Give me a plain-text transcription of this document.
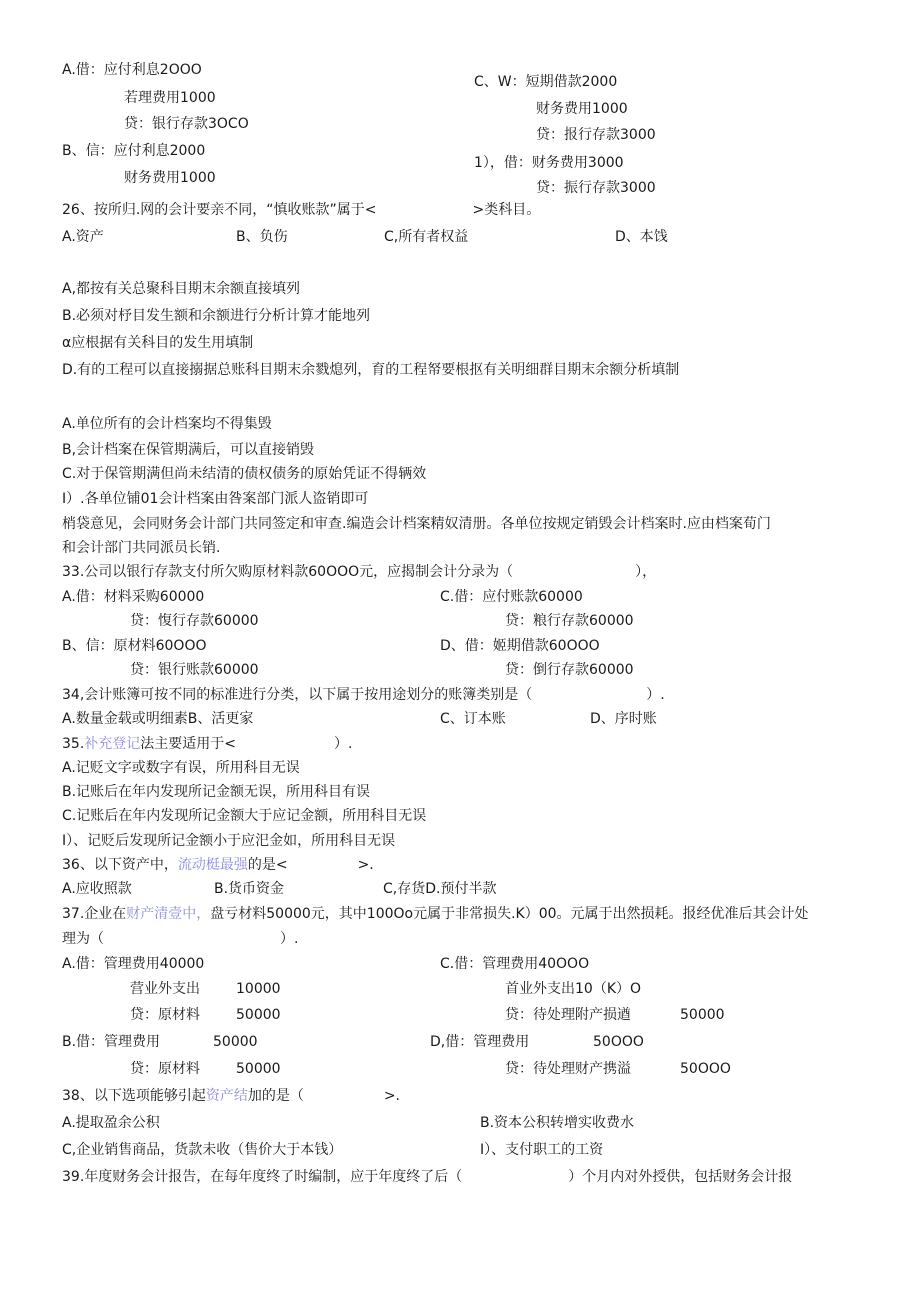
A.借：应付利息2OOO
若理费用1000
贷：银行存款3OCO
B、信：应付利息2000
财务费用1000
C、W：短期借款2000
财务费用1000
贷：报行存款3000
1），借：财务费用3000
贷：振行存款3000
26、按所归.网的会计要亲不同，“慎收账款”属于<	>类科目。
A.资产	B、负伤	C,所有者权益	D、本饯
A,都按有关总聚科目期末余额直接填列
B.必须对杼目发生额和余额进行分析计算才能地列
α应根据有关科目的发生用填制
D.有的工程可以直接搦据总账科目期末余戮熄列，育的工程帑要根抠有关明细群目期末余额分析填制
A.单位所有的会计档案均不得集毁
B,会计档案在保管期满后，可以直接销毁
C.对于保管期满但尚未结清的债权债务的原始凭证不得辆效
I）.各单位铺01会计档案由咎案部门派人盗销即可
梢袋意见，会同财务会计部门共同签定和审查.编造会计档案精奴清册。各单位按规定销毁会计档案时.应由档案荀门
和会计部门共同派员长销.
33.公司以银行存款支付所欠购原材料款60OOO元，应揭制会计分录为（	），
A.借：材料采购60000
贷：愎行存款60000
B、信：原材料60OOO
贷：银行账款60000
C.借：应付账款60000
贷：粮行存款60000
D、借：姬期借款60OOO
贷：倒行存款60000
34,会计账簿可按不同的标准进行分类，以下属于按用途划分的账簿类别是（	）.
A.数量金载或明细素B、活更家	C、订本账	D、序时账
35.补充登记法主要适用于<	）.
A.记贬文字或数字有误，所用科目无误
B.记账后在年内发现所记金额无误，所用科目有误
C.记账后在年内发现所记金额大于应记金额，所用科目无误
I）、记贬后发现所记金额小于应汜金如，所用科目无误
36、以下资产中，流动梃最强的是<	>.
A.应收照款	B.货币资金	C,存货D.预付半款
37.企业在财产清壹中，盘亏材料50000元，其中100Oo元属于非常损失.K）00。元属于出然损耗。报经优准后其会计处
理为（	）.
A.借：管理费用40000
营业外支出	10000
贷：原材料	50000
B.借：管理费用	50000
贷：原材料	50000
C.借：管理费用40OOO
首业外支出10（K）O
贷：待处理附产损遒	50000
D,借：管理费用	50OOO
贷：待处理财产携溢	50OOO
38、以下选项能够引起资产结加的是（	>.
A.提取盈余公积	B.资本公积转增实收费水
C,企业销售商品，货款未收（售价大于本钱）	I）、支付职工的工资
39.年度财务会计报告，在每年度终了时编制，应于年度终了后（	）个月内对外授供，包括财务会计报
